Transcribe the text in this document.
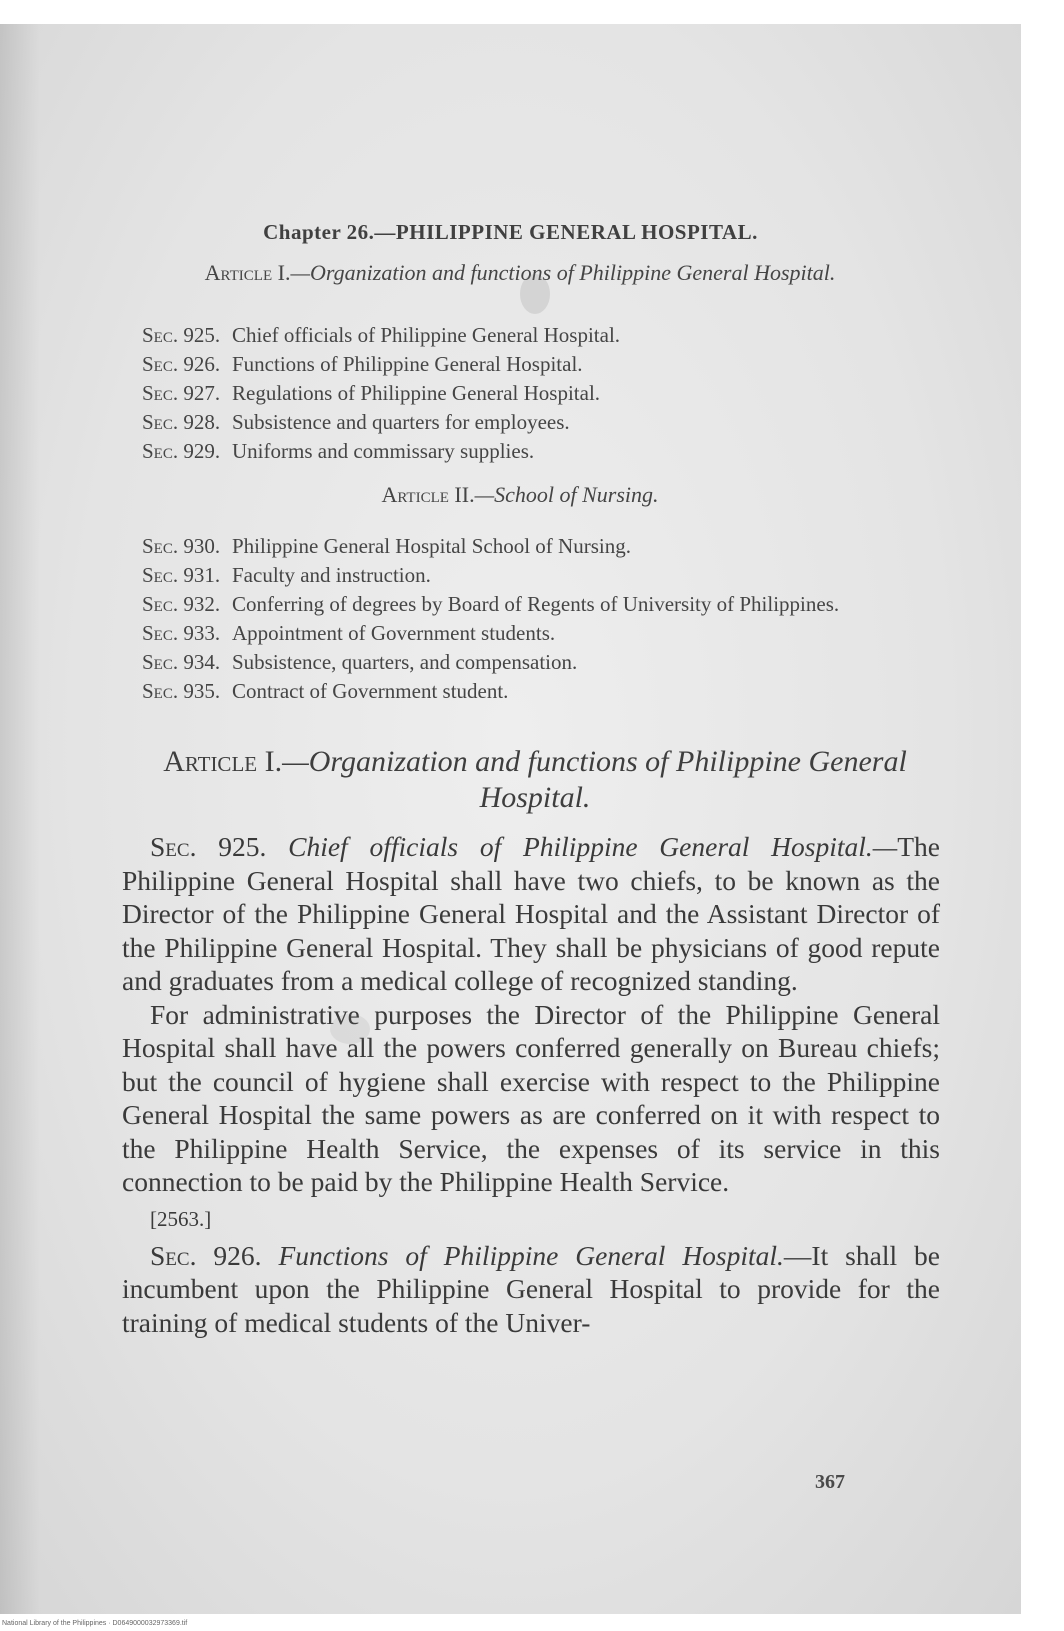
Chapter 26.—PHILIPPINE GENERAL HOSPITAL.
Article I.—Organization and functions of Philippine General Hospital.
Sec. 925. Chief officials of Philippine General Hospital.
Sec. 926. Functions of Philippine General Hospital.
Sec. 927. Regulations of Philippine General Hospital.
Sec. 928. Subsistence and quarters for employees.
Sec. 929. Uniforms and commissary supplies.
Article II.—School of Nursing.
Sec. 930. Philippine General Hospital School of Nursing.
Sec. 931. Faculty and instruction.
Sec. 932. Conferring of degrees by Board of Regents of University of Philippines.
Sec. 933. Appointment of Government students.
Sec. 934. Subsistence, quarters, and compensation.
Sec. 935. Contract of Government student.
Article I.—Organization and functions of Philippine General Hospital.

Sec. 925. Chief officials of Philippine General Hospital.—The Philippine General Hospital shall have two chiefs, to be known as the Director of the Philippine General Hospital and the Assistant Director of the Philippine General Hospital. They shall be physicians of good repute and graduates from a medical college of recognized standing.

For administrative purposes the Director of the Philippine General Hospital shall have all the powers conferred generally on Bureau chiefs; but the council of hygiene shall exercise with respect to the Philippine General Hospital the same powers as are conferred on it with respect to the Philippine Health Service, the expenses of its service in this connection to be paid by the Philippine Health Service.

[2563.]

Sec. 926. Functions of Philippine General Hospital.—It shall be incumbent upon the Philippine General Hospital to provide for the training of medical students of the Univer-

367
National Library of the Philippines · D0649000032973369.tif
